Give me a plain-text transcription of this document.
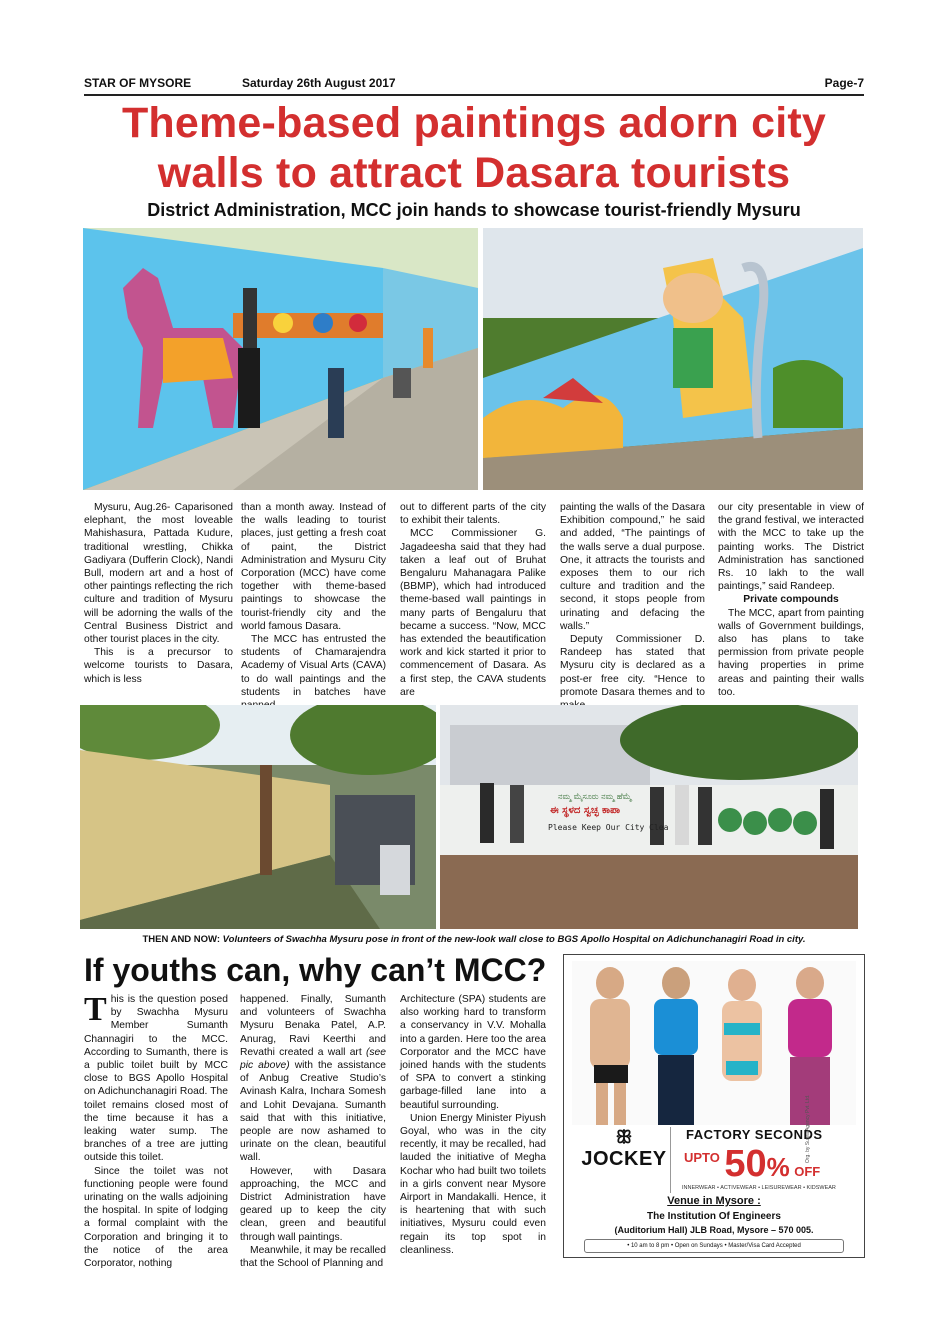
STAR OF MYSORE	Saturday 26th August 2017	Page-7
Theme-based paintings adorn city walls to attract Dasara tourists
District Administration, MCC join hands to showcase tourist-friendly Mysuru

Mysuru, Aug.26- Caparisoned elephant, the most loveable Mahishasura, Pattada Kudure, traditional wrestling, Chikka Gadiyara (Dufferin Clock), Nandi Bull, modern art and a host of other paintings reflecting the rich culture and tradition of Mysuru will be adorning the walls of the Central Business District and other tourist places in the city.

This is a precursor to welcome tourists to Dasara, which is less

than a month away. Instead of the walls leading to tourist places, just getting a fresh coat of paint, the District Administration and Mysuru City Corporation (MCC) have come together with theme-based paintings to showcase the tourist-friendly city and the world famous Dasara.

The MCC has entrusted the students of Chamarajendra Academy of Visual Arts (CAVA) to do wall paintings and the students in batches have

out to different parts of the city to exhibit their talents.

MCC Commissioner G. Jagadeesha said that they had taken a leaf out of Bruhat Bengaluru Mahanagara Palike (BBMP), which had introduced theme-based wall paintings in many parts of Bengaluru that became a success. “Now, MCC has extended the beautification work and kick started it prior to commencement of Dasara. As a first step, the CAVA students are

painting the walls of the Dasara Exhibition compound,” he said and added, “The paintings of the walls serve a dual purpose. One, it attracts the tourists and exposes them to our rich culture and tradition and the second, it stops people from urinating and defacing the walls.”

Deputy Commissioner D. Randeep has stated that Mysuru city is declared as a post-er free city. “Hence to promote Dasara themes and to

our city presentable in view of the grand festival, we interacted with the MCC to take up the painting works. The District Administration has sanctioned Rs. 10 lakh to the wall paintings,” said Randeep.

Private compounds

The MCC, apart from painting walls of Government buildings, also has plans to take permission from private people having properties in prime areas and painting their walls too.

ನಮ್ಮ ಮೈಸೂರು ನಮ್ಮ ಹೆಮ್ಮೆ
ಈ ಸ್ಥಳದ ಸ್ವಚ್ಛ ಕಾಪಾ
Please Keep Our City Clea
THEN AND NOW: Volunteers of Swachha Mysuru pose in front of the new-look wall close to BGS Apollo Hospital on Adichunchanagiri Road in city.
If youths can, why can’t MCC?

T his is the question posed by Swachha Mysuru Member Sumanth Channagiri to the MCC. According to Sumanth, there is a public toilet built by MCC close to BGS Apollo Hospital on Adichunchanagiri Road. The toilet remains closed most of the time because it has a leaking water sump. The branches of a tree are jutting outside this toilet.

Since the toilet was not functioning people were found urinating on the walls adjoining the hospital. In spite of lodging a formal complaint with the Corporation and bringing it to the notice of the area Corporator, nothing

happened. Finally, Sumanth and volunteers of Swachha Mysuru Benaka Patel, A.P. Anurag, Ravi Keerthi and Revathi created a wall art (see pic above) with the assistance of Anbug Creative Studio’s Avinash Kalra, Inchara Somesh and Lohit Devajana. Sumanth said that with this initiative, people are now ashamed to urinate on the clean, beautiful wall.

However, with Dasara approaching, the MCC and District Administration have geared up to keep the city clean, green and beautiful through wall paintings.

Meanwhile, it may be recalled that the School of Planning and

Architecture (SPA) students are also working hard to transform a conservancy in V.V. Mohalla into a garden. Here too the area Corporator and the MCC have joined hands with the students of SPA to convert a stinking garbage-filled lane into a beautiful surrounding.

Union Energy Minister Piyush Goyal, who was in the city recently, it may be recalled, had lauded the initiative of Megha Kochar who had built two toilets in a girls convent near Mysore Airport in Mandakalli. Hence, it is heartening that with such initiatives, Mysuru could even regain its top spot in cleanliness.

ꕥ
JOCKEY
FACTORY SECONDS
$^{UPTO}$ 50% OFF
INNERWEAR • ACTIVEWEAR • LEISUREWEAR • KIDSWEAR
Venue in Mysore :
The Institution Of Engineers
(Auditorium Hall) JLB Road, Mysore – 570 005.
• 10 am to 8 pm • Open on Sundays • Master/Visa Card Accepted
Org. by Surya Agency Pvt. Ltd.
